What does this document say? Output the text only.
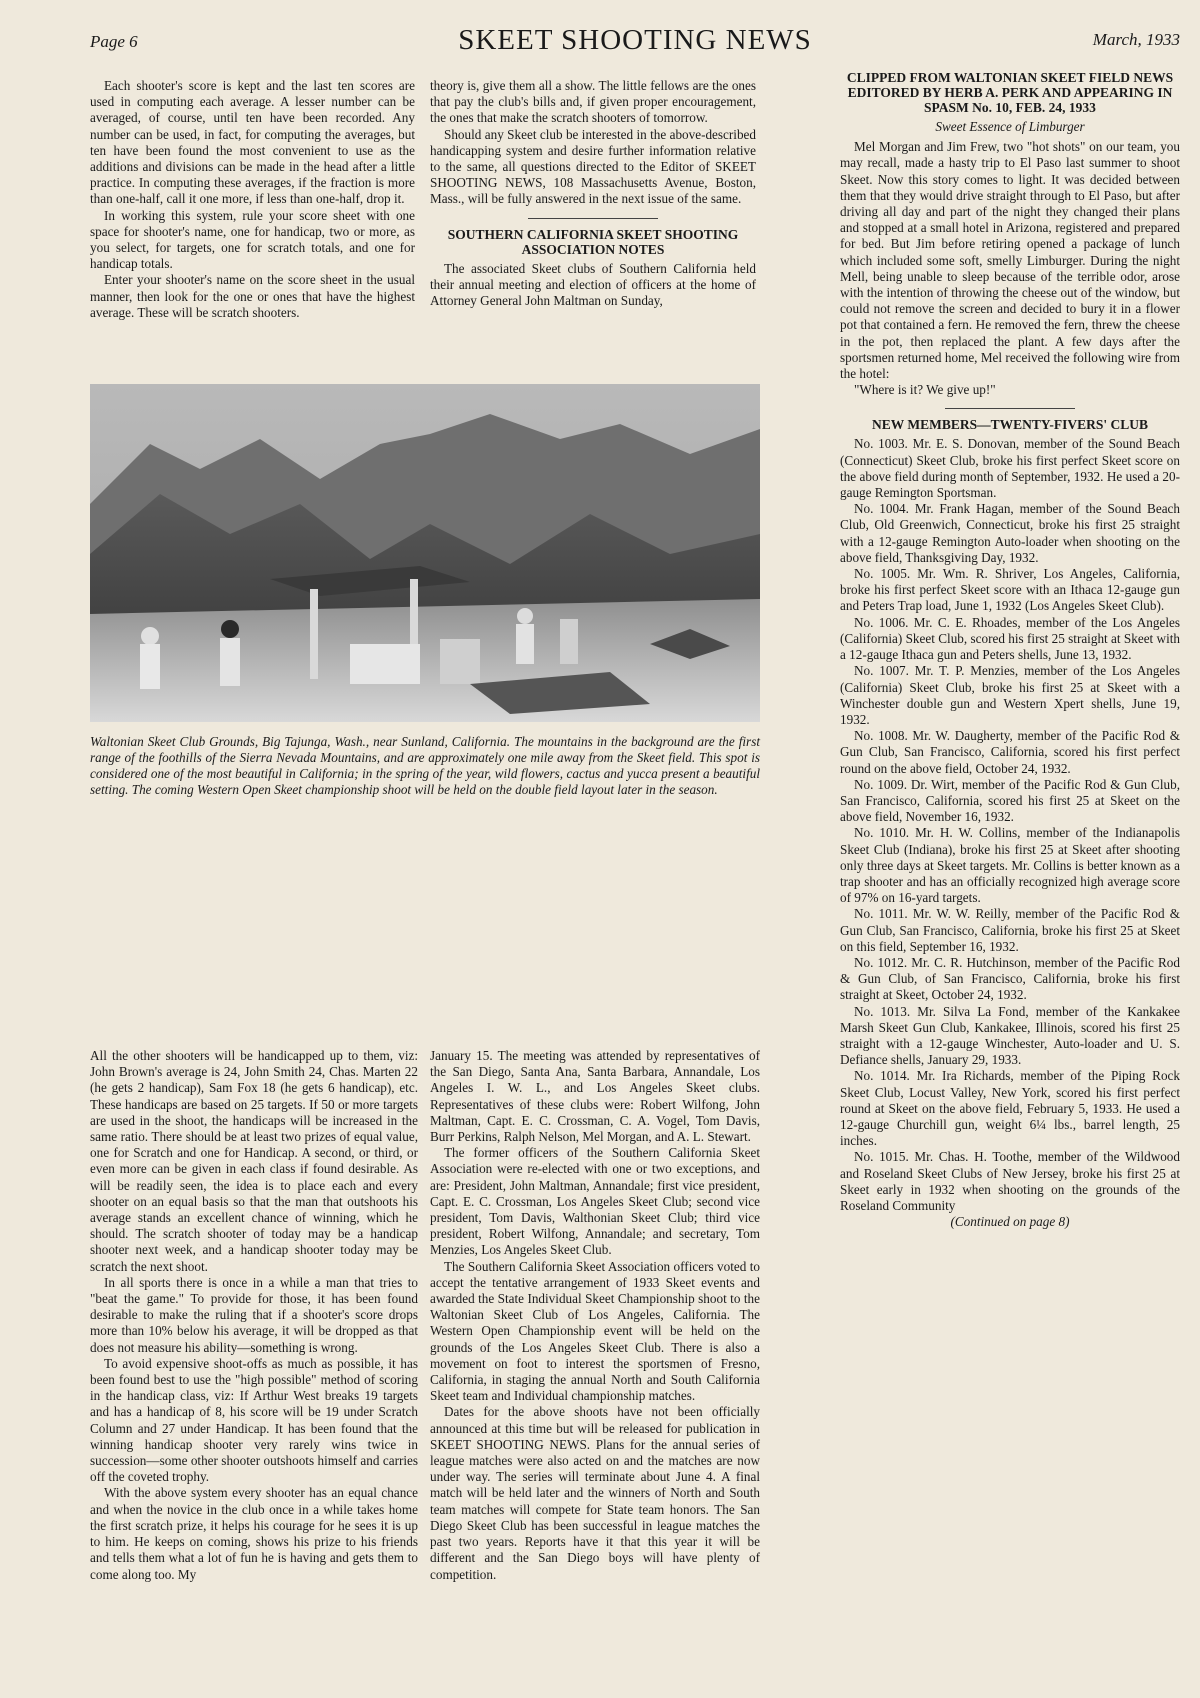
Page 6	SKEET SHOOTING NEWS	March, 1933

Each shooter's score is kept and the last ten scores are used in computing each average. A lesser number can be averaged, of course, until ten have been recorded. Any number can be used, in fact, for computing the averages, but ten have been found the most convenient to use as the additions and divisions can be made in the head after a little practice. In computing these averages, if the fraction is more than one-half, call it one more, if less than one-half, drop it.

In working this system, rule your score sheet with one space for shooter's name, one for handicap, two or more, as you select, for targets, one for scratch totals, and one for handicap totals.

Enter your shooter's name on the score sheet in the usual manner, then look for the one or ones that have the highest average. These will be scratch shooters.

theory is, give them all a show. The little fellows are the ones that pay the club's bills and, if given proper encouragement, the ones that make the scratch shooters of tomorrow.

Should any Skeet club be interested in the above-described handicapping system and desire further information relative to the same, all questions directed to the Editor of SKEET SHOOTING NEWS, 108 Massachusetts Avenue, Boston, Mass., will be fully answered in the next issue of the same.

SOUTHERN CALIFORNIA SKEET SHOOTING ASSOCIATION NOTES

The associated Skeet clubs of Southern California held their annual meeting and election of officers at the home of Attorney General John Maltman on Sunday,

Waltonian Skeet Club Grounds, Big Tajunga, Wash., near Sunland, California. The mountains in the background are the first range of the foothills of the Sierra Nevada Mountains, and are approximately one mile away from the Skeet field. This spot is considered one of the most beautiful in California; in the spring of the year, wild flowers, cactus and yucca present a beautiful setting. The coming Western Open Skeet championship shoot will be held on the double field layout later in the season.
CLIPPED FROM WALTONIAN SKEET FIELD NEWS EDITORED BY HERB A. PERK AND APPEARING IN SPASM No. 10, FEB. 24, 1933

Sweet Essence of Limburger

Mel Morgan and Jim Frew, two "hot shots" on our team, you may recall, made a hasty trip to El Paso last summer to shoot Skeet. Now this story comes to light. It was decided between them that they would drive straight through to El Paso, but after driving all day and part of the night they changed their plans and stopped at a small hotel in Arizona, registered and prepared for bed. But Jim before retiring opened a package of lunch which included some soft, smelly Limburger. During the night Mell, being unable to sleep because of the terrible odor, arose with the intention of throwing the cheese out of the window, but could not remove the screen and decided to bury it in a flower pot that contained a fern. He removed the fern, threw the cheese in the pot, then replaced the plant. A few days after the sportsmen returned home, Mel received the following wire from the hotel:

"Where is it? We give up!"

NEW MEMBERS—TWENTY-FIVERS' CLUB

No. 1003. Mr. E. S. Donovan, member of the Sound Beach (Connecticut) Skeet Club, broke his first perfect Skeet score on the above field during month of September, 1932. He used a 20-gauge Remington Sportsman.

No. 1004. Mr. Frank Hagan, member of the Sound Beach Club, Old Greenwich, Connecticut, broke his first 25 straight with a 12-gauge Remington Auto-loader when shooting on the above field, Thanksgiving Day, 1932.

No. 1005. Mr. Wm. R. Shriver, Los Angeles, California, broke his first perfect Skeet score with an Ithaca 12-gauge gun and Peters Trap load, June 1, 1932 (Los Angeles Skeet Club).

No. 1006. Mr. C. E. Rhoades, member of the Los Angeles (California) Skeet Club, scored his first 25 straight at Skeet with a 12-gauge Ithaca gun and Peters shells, June 13, 1932.

No. 1007. Mr. T. P. Menzies, member of the Los Angeles (California) Skeet Club, broke his first 25 at Skeet with a Winchester double gun and Western Xpert shells, June 19, 1932.

No. 1008. Mr. W. Daugherty, member of the Pacific Rod & Gun Club, San Francisco, California, scored his first perfect round on the above field, October 24, 1932.

No. 1009. Dr. Wirt, member of the Pacific Rod & Gun Club, San Francisco, California, scored his first 25 at Skeet on the above field, November 16, 1932.

No. 1010. Mr. H. W. Collins, member of the Indianapolis Skeet Club (Indiana), broke his first 25 at Skeet after shooting only three days at Skeet targets. Mr. Collins is better known as a trap shooter and has an officially recognized high average score of 97% on 16-yard targets.

No. 1011. Mr. W. W. Reilly, member of the Pacific Rod & Gun Club, San Francisco, California, broke his first 25 at Skeet on this field, September 16, 1932.

No. 1012. Mr. C. R. Hutchinson, member of the Pacific Rod & Gun Club, of San Francisco, California, broke his first straight at Skeet, October 24, 1932.

No. 1013. Mr. Silva La Fond, member of the Kankakee Marsh Skeet Gun Club, Kankakee, Illinois, scored his first 25 straight with a 12-gauge Winchester, Auto-loader and U. S. Defiance shells, January 29, 1933.

No. 1014. Mr. Ira Richards, member of the Piping Rock Skeet Club, Locust Valley, New York, scored his first perfect round at Skeet on the above field, February 5, 1933. He used a 12-gauge Churchill gun, weight 6¼ lbs., barrel length, 25 inches.

No. 1015. Mr. Chas. H. Toothe, member of the Wildwood and Roseland Skeet Clubs of New Jersey, broke his first 25 at Skeet early in 1932 when shooting on the grounds of the Roseland Community

(Continued on page 8)

All the other shooters will be handicapped up to them, viz: John Brown's average is 24, John Smith 24, Chas. Marten 22 (he gets 2 handicap), Sam Fox 18 (he gets 6 handicap), etc. These handicaps are based on 25 targets. If 50 or more targets are used in the shoot, the handicaps will be increased in the same ratio. There should be at least two prizes of equal value, one for Scratch and one for Handicap. A second, or third, or even more can be given in each class if found desirable. As will be readily seen, the idea is to place each and every shooter on an equal basis so that the man that outshoots his average stands an excellent chance of winning, which he should. The scratch shooter of today may be a handicap shooter next week, and a handicap shooter today may be scratch the next shoot.

In all sports there is once in a while a man that tries to "beat the game." To provide for those, it has been found desirable to make the ruling that if a shooter's score drops more than 10% below his average, it will be dropped as that does not measure his ability—something is wrong.

To avoid expensive shoot-offs as much as possible, it has been found best to use the "high possible" method of scoring in the handicap class, viz: If Arthur West breaks 19 targets and has a handicap of 8, his score will be 19 under Scratch Column and 27 under Handicap. It has been found that the winning handicap shooter very rarely wins twice in succession—some other shooter outshoots himself and carries off the coveted trophy.

With the above system every shooter has an equal chance and when the novice in the club once in a while takes home the first scratch prize, it helps his courage for he sees it is up to him. He keeps on coming, shows his prize to his friends and tells them what a lot of fun he is having and gets them to come along too. My

January 15. The meeting was attended by representatives of the San Diego, Santa Ana, Santa Barbara, Annandale, Los Angeles I. W. L., and Los Angeles Skeet clubs. Representatives of these clubs were: Robert Wilfong, John Maltman, Capt. E. C. Crossman, C. A. Vogel, Tom Davis, Burr Perkins, Ralph Nelson, Mel Morgan, and A. L. Stewart.

The former officers of the Southern California Skeet Association were re-elected with one or two exceptions, and are: President, John Maltman, Annandale; first vice president, Capt. E. C. Crossman, Los Angeles Skeet Club; second vice president, Tom Davis, Walthonian Skeet Club; third vice president, Robert Wilfong, Annandale; and secretary, Tom Menzies, Los Angeles Skeet Club.

The Southern California Skeet Association officers voted to accept the tentative arrangement of 1933 Skeet events and awarded the State Individual Skeet Championship shoot to the Waltonian Skeet Club of Los Angeles, California. The Western Open Championship event will be held on the grounds of the Los Angeles Skeet Club. There is also a movement on foot to interest the sportsmen of Fresno, California, in staging the annual North and South California Skeet team and Individual championship matches.

Dates for the above shoots have not been officially announced at this time but will be released for publication in SKEET SHOOTING NEWS. Plans for the annual series of league matches were also acted on and the matches are now under way. The series will terminate about June 4. A final match will be held later and the winners of North and South team matches will compete for State team honors. The San Diego Skeet Club has been successful in league matches the past two years. Reports have it that this year it will be different and the San Diego boys will have plenty of competition.
